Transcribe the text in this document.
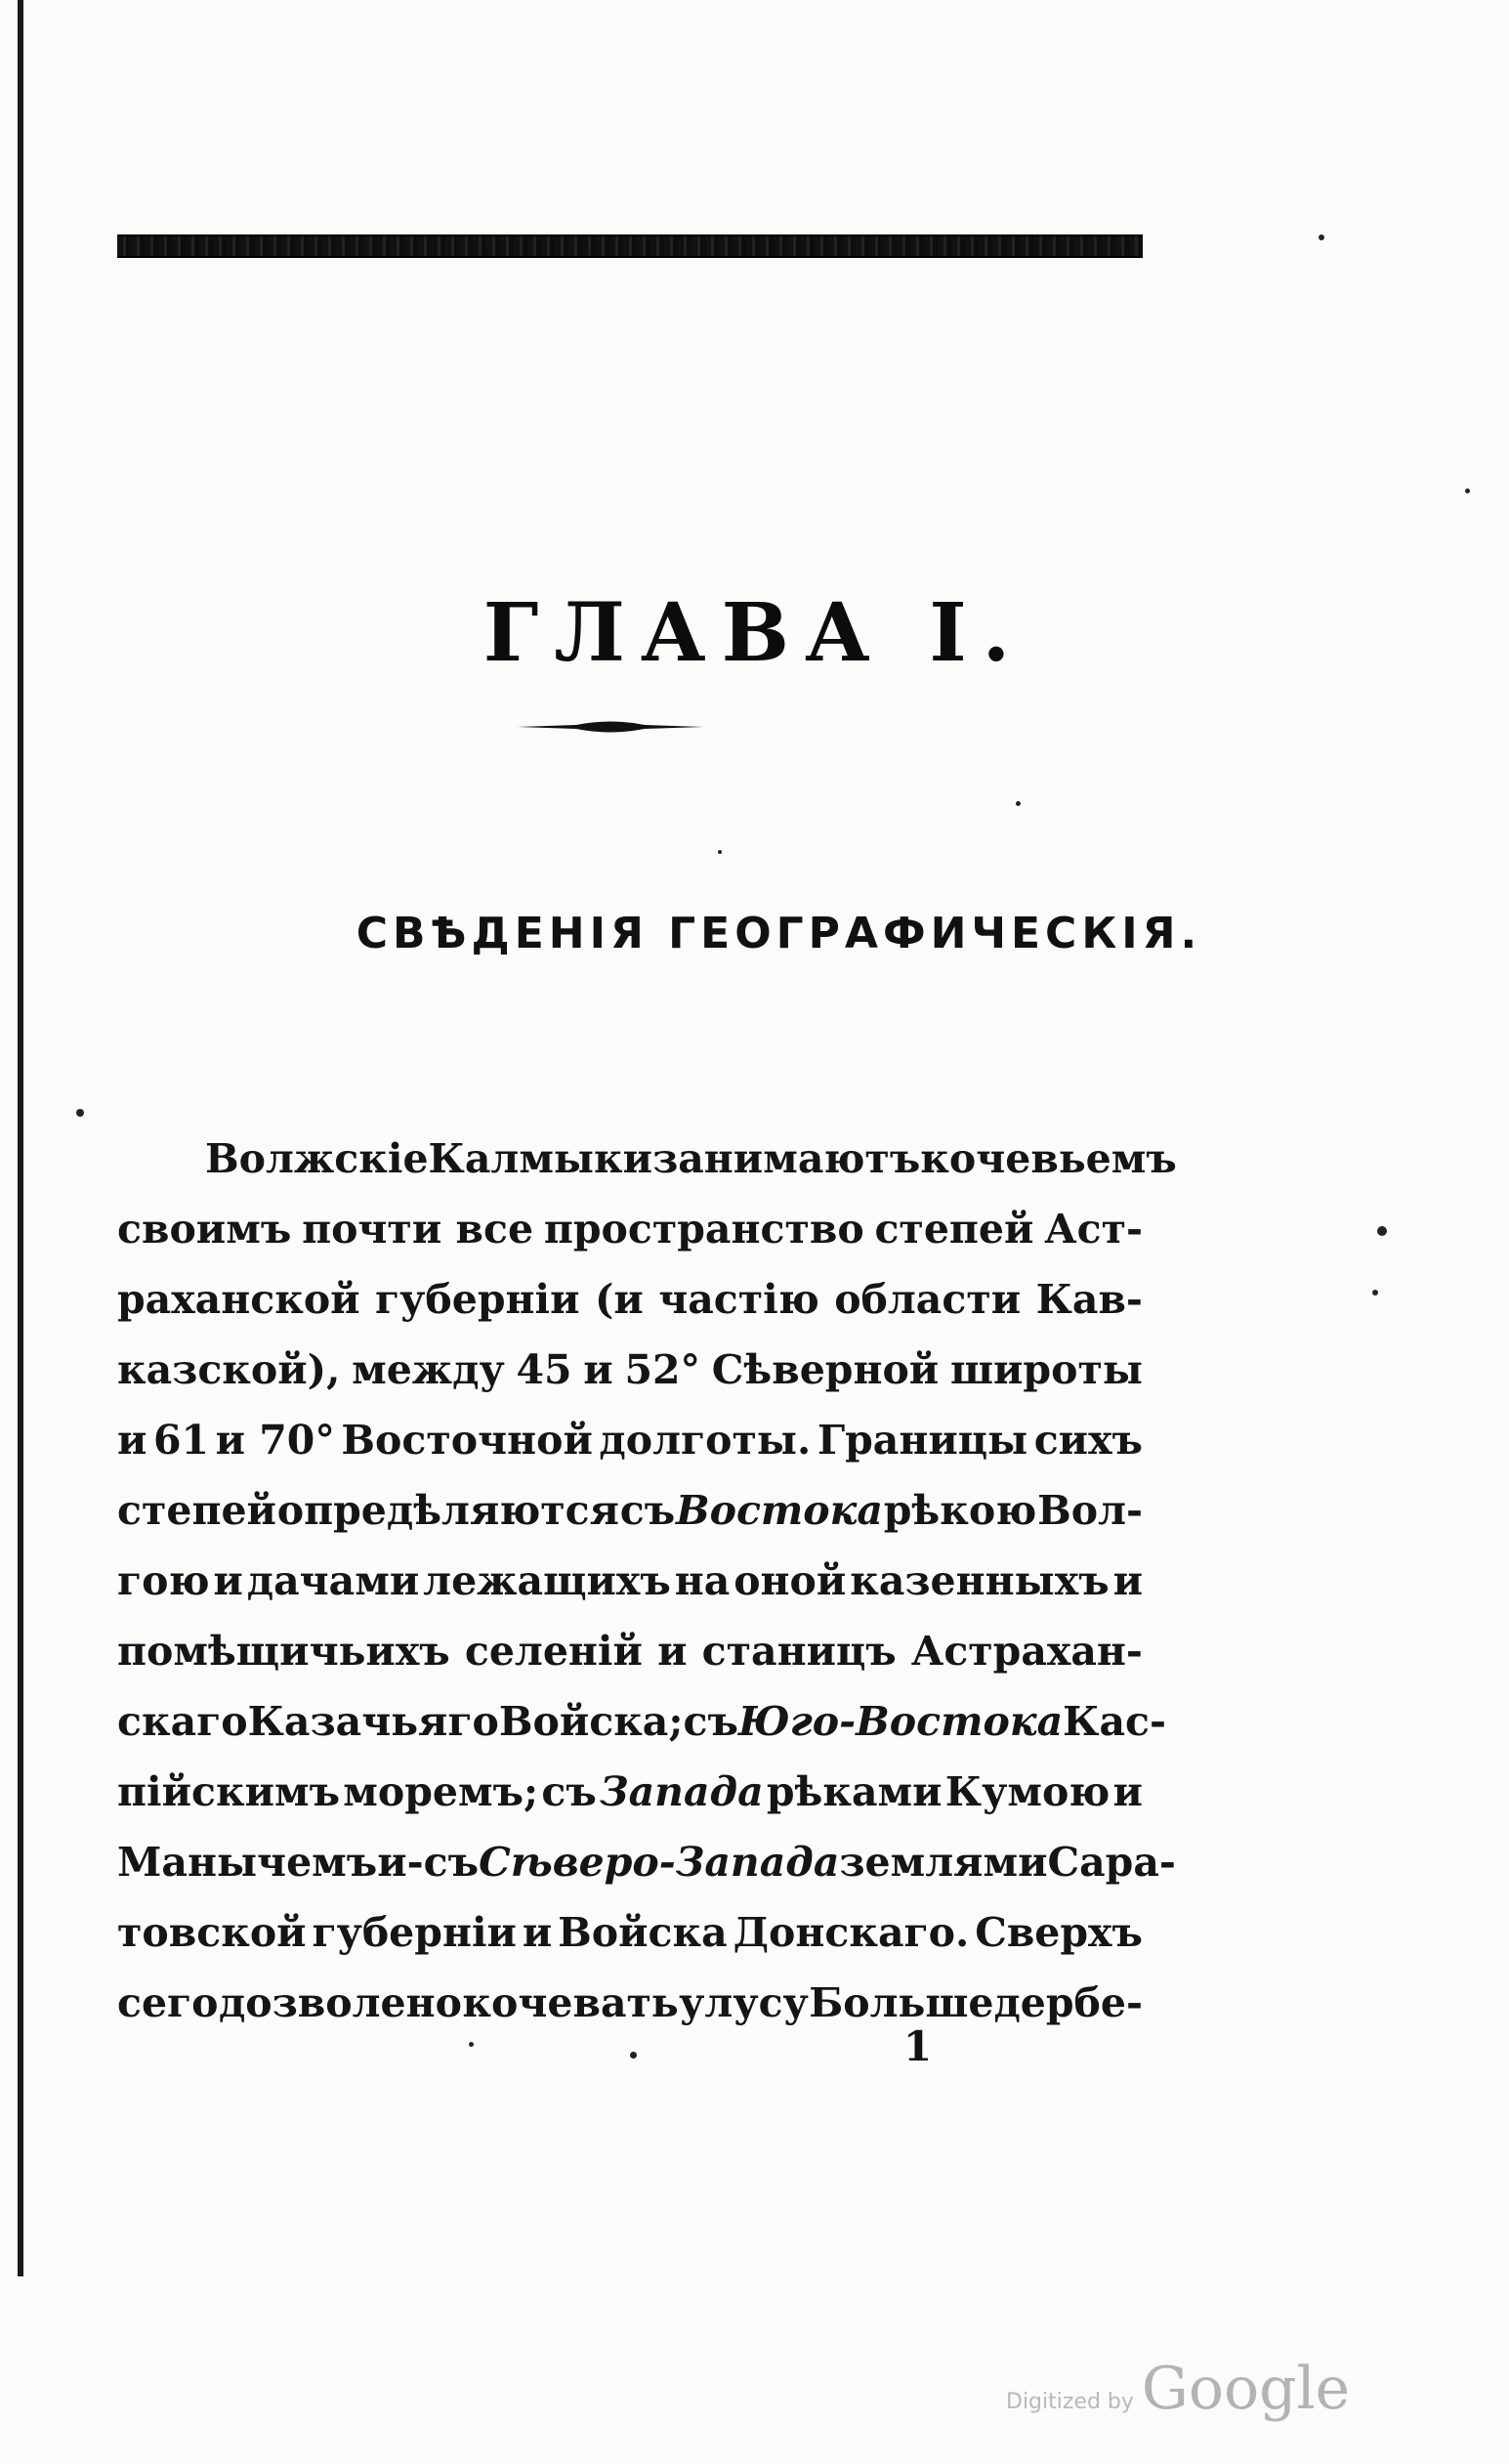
ГЛАВА І.
СВѢДЕНІЯ ГЕОГРАФИЧЕСКІЯ.
Волжскіе Калмыки занимаютъ кочевьемъ
своимъ почти все пространство степей Аст-
раханской губерніи (и частію области Кав-
казской), между 45 и 52° Сѣверной широты
и 61 и 70° Восточной долготы. Границы сихъ
степей опредѣляются съ Востока рѣкою Вол-
гою и дачами лежащихъ на оной казенныхъ и
помѣщичьихъ селеній и станицъ Астрахан-
скаго Казачьяго Войска; съ Юго-Востока Кас-
пійскимъ моремъ; съ Запада рѣками Кумою и
Манычемъ и-съ Сѣверо-Запада землями Сара-
товской губерніи и Войска Донскаго. Сверхъ
сего дозволено кочевать улусу Большедербе-
1
Digitized by Google
